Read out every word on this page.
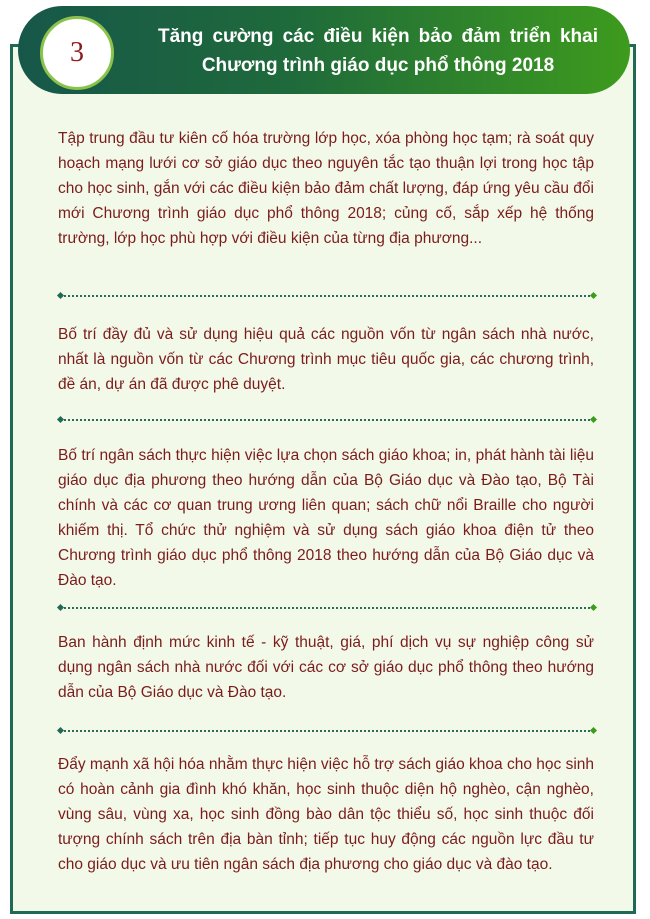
3
Tăng cường các điều kiện bảo đảm triển khai Chương trình giáo dục phổ thông 2018
Tập trung đầu tư kiên cố hóa trường lớp học, xóa phòng học tạm; rà soát quy hoạch mạng lưới cơ sở giáo dục theo nguyên tắc tạo thuận lợi trong học tập cho học sinh, gắn với các điều kiện bảo đảm chất lượng, đáp ứng yêu cầu đổi mới Chương trình giáo dục phổ thông 2018; củng cố, sắp xếp hệ thống trường, lớp học phù hợp với điều kiện của từng địa phương...
Bố trí đầy đủ và sử dụng hiệu quả các nguồn vốn từ ngân sách nhà nước, nhất là nguồn vốn từ các Chương trình mục tiêu quốc gia, các chương trình, đề án, dự án đã được phê duyệt.
Bố trí ngân sách thực hiện việc lựa chọn sách giáo khoa; in, phát hành tài liệu giáo dục địa phương theo hướng dẫn của Bộ Giáo dục và Đào tạo, Bộ Tài chính và các cơ quan trung ương liên quan; sách chữ nổi Braille cho người khiếm thị. Tổ chức thử nghiệm và sử dụng sách giáo khoa điện tử theo Chương trình giáo dục phổ thông 2018 theo hướng dẫn của Bộ Giáo dục và Đào tạo.
Ban hành định mức kinh tế - kỹ thuật, giá, phí dịch vụ sự nghiệp công sử dụng ngân sách nhà nước đối với các cơ sở giáo dục phổ thông theo hướng dẫn của Bộ Giáo dục và Đào tạo.
Đẩy mạnh xã hội hóa nhằm thực hiện việc hỗ trợ sách giáo khoa cho học sinh có hoàn cảnh gia đình khó khăn, học sinh thuộc diện hộ nghèo, cận nghèo, vùng sâu, vùng xa, học sinh đồng bào dân tộc thiểu số, học sinh thuộc đối tượng chính sách trên địa bàn tỉnh; tiếp tục huy động các nguồn lực đầu tư cho giáo dục và ưu tiên ngân sách địa phương cho giáo dục và đào tạo.
